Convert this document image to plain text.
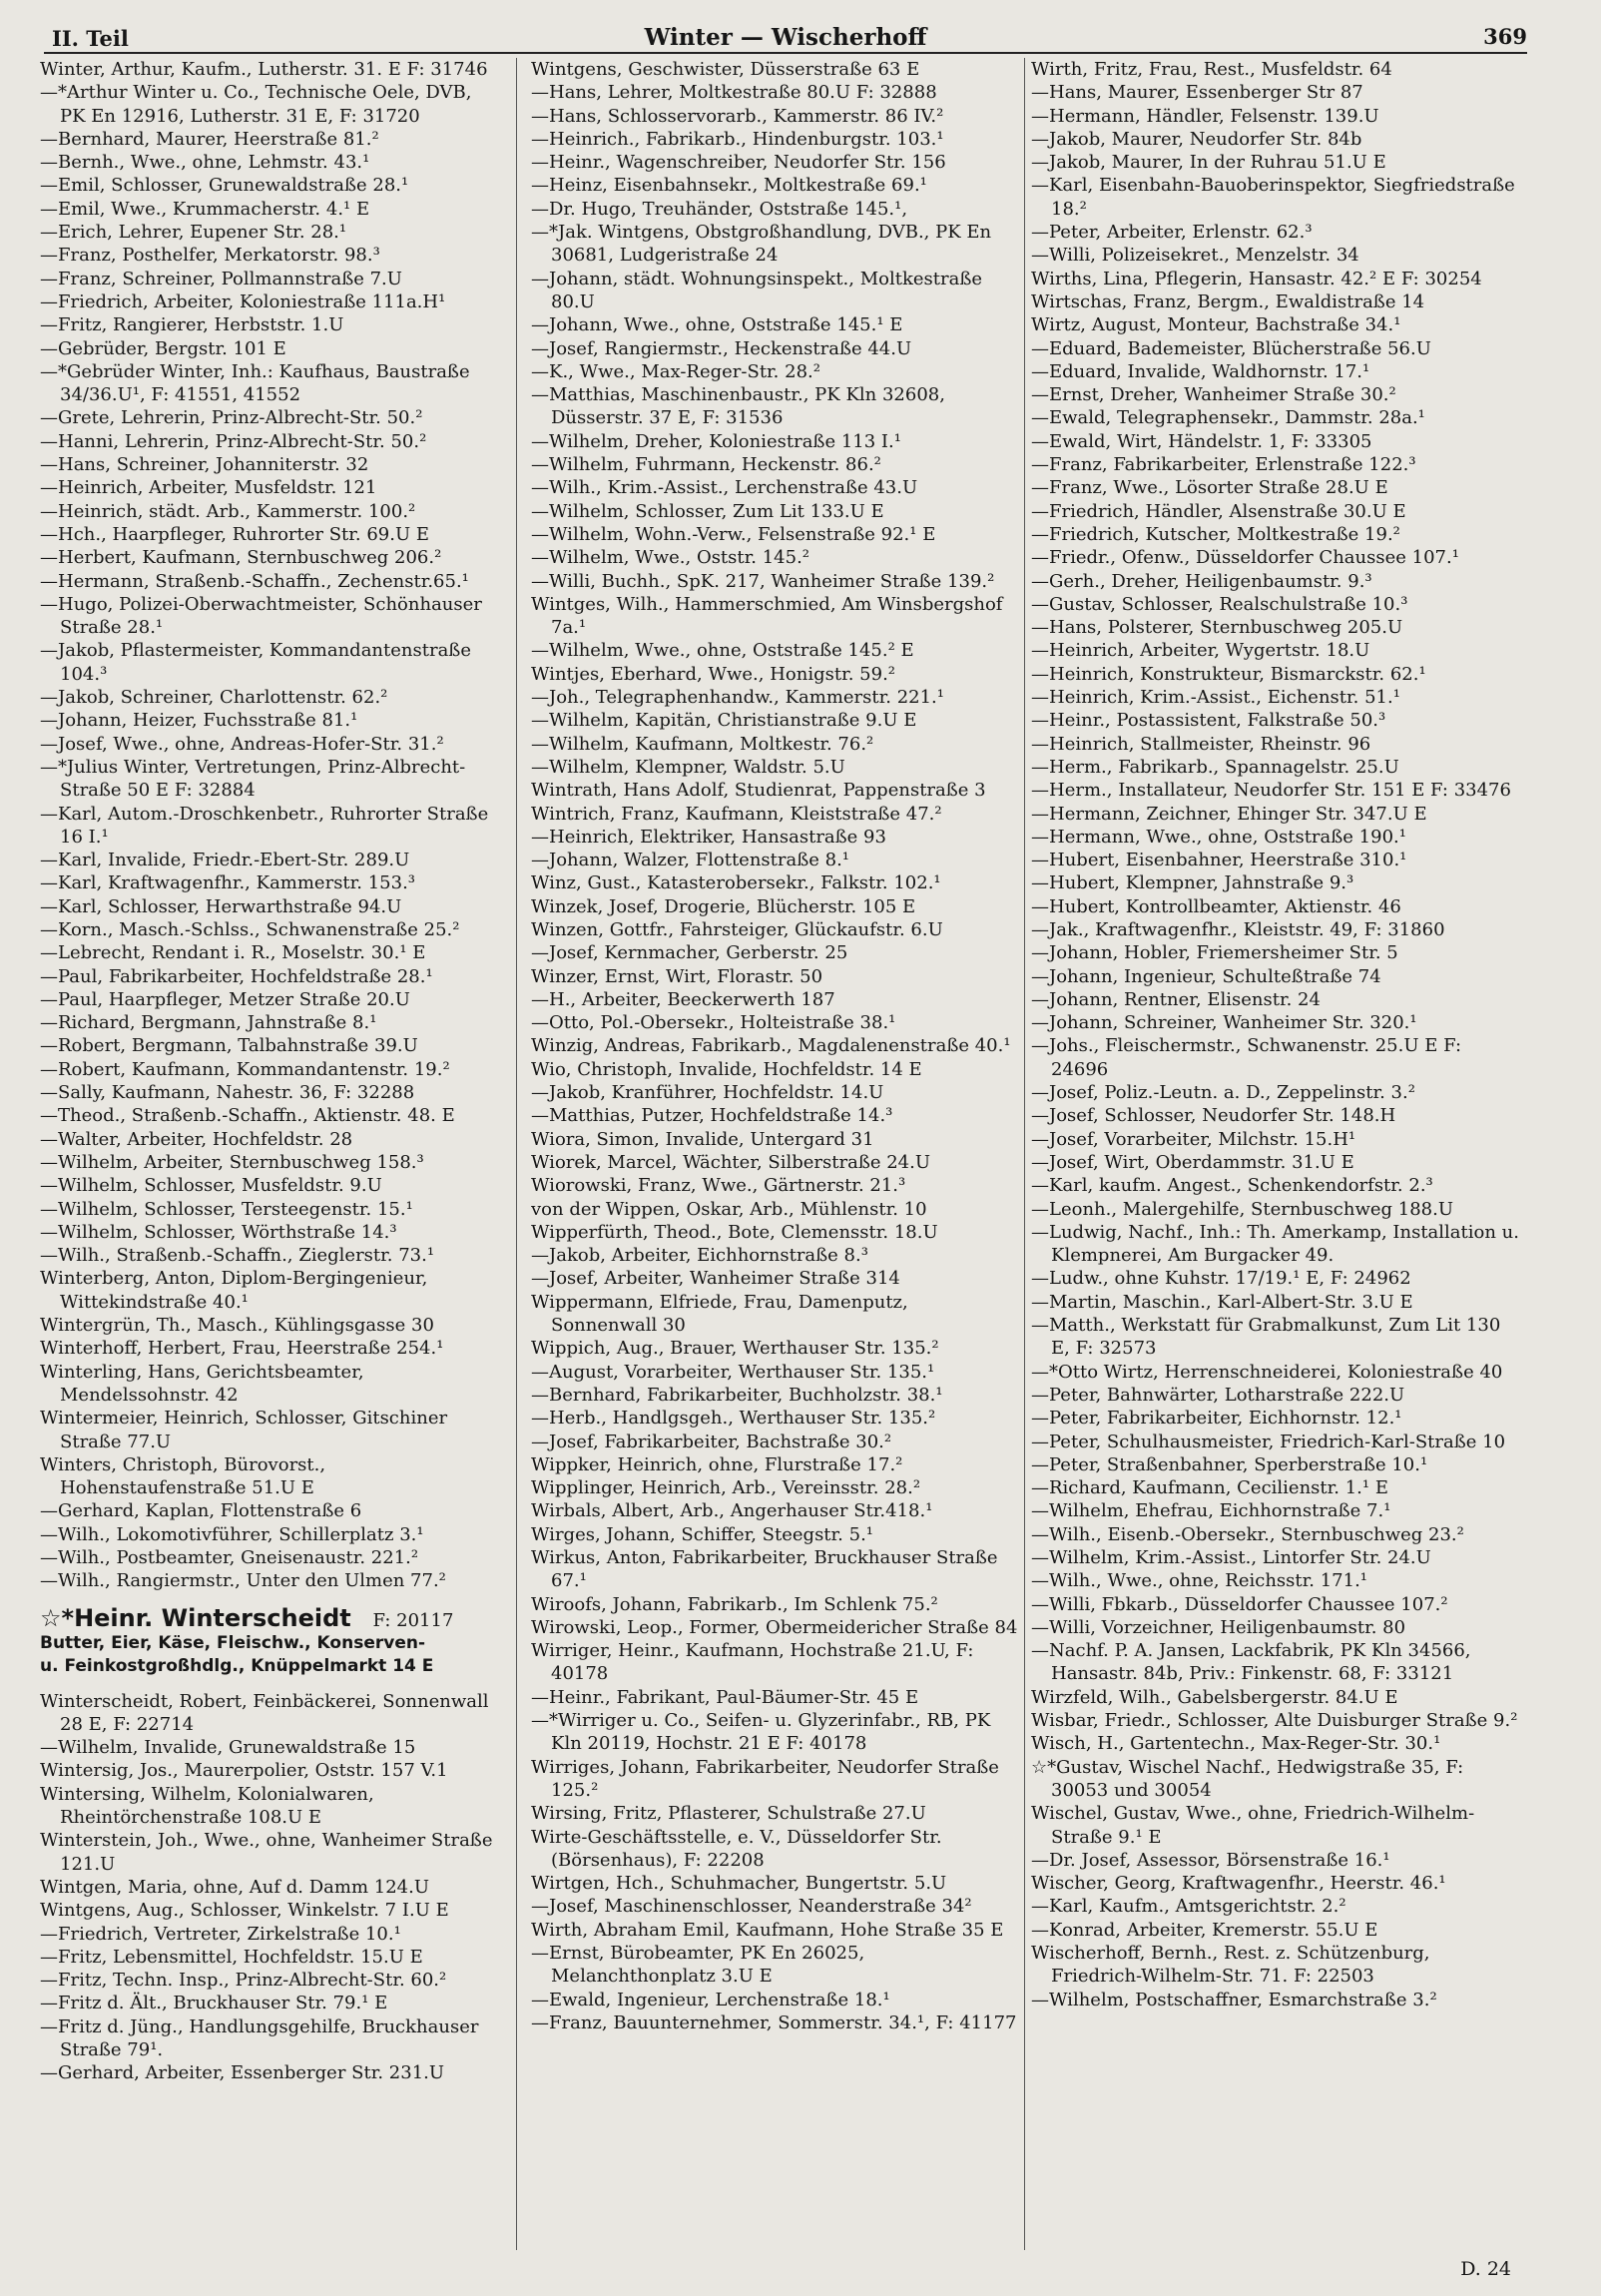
II. Teil	Winter — Wischerhoff	369
Winter, Arthur, Kaufm., Lutherstr. 31. E F: 31746
—*Arthur Winter u. Co., Technische Oele, DVB, PK En 12916, Lutherstr. 31 E, F: 31720
—Bernhard, Maurer, Heerstraße 81.²
—Bernh., Wwe., ohne, Lehmstr. 43.¹
—Emil, Schlosser, Grunewaldstraße 28.¹
—Emil, Wwe., Krummacherstr. 4.¹ E
—Erich, Lehrer, Eupener Str. 28.¹
—Franz, Posthelfer, Merkatorstr. 98.³
—Franz, Schreiner, Pollmannstraße 7.U
—Friedrich, Arbeiter, Koloniestraße 111a.H¹
—Fritz, Rangierer, Herbststr. 1.U
—Gebrüder, Bergstr. 101 E
—*Gebrüder Winter, Inh.: Kaufhaus, Baustraße 34/36.U¹, F: 41551, 41552
—Grete, Lehrerin, Prinz-Albrecht-Str. 50.²
—Hanni, Lehrerin, Prinz-Albrecht-Str. 50.²
—Hans, Schreiner, Johanniterstr. 32
—Heinrich, Arbeiter, Musfeldstr. 121
—Heinrich, städt. Arb., Kammerstr. 100.²
—Hch., Haarpfleger, Ruhrorter Str. 69.U E
—Herbert, Kaufmann, Sternbuschweg 206.²
—Hermann, Straßenb.-Schaffn., Zechenstr.65.¹
—Hugo, Polizei-Oberwachtmeister, Schönhauser Straße 28.¹
—Jakob, Pflastermeister, Kommandantenstraße 104.³
—Jakob, Schreiner, Charlottenstr. 62.²
—Johann, Heizer, Fuchsstraße 81.¹
—Josef, Wwe., ohne, Andreas-Hofer-Str. 31.²
—*Julius Winter, Vertretungen, Prinz-Albrecht-Straße 50 E F: 32884
—Karl, Autom.-Droschkenbetr., Ruhrorter Straße 16 I.¹
—Karl, Invalide, Friedr.-Ebert-Str. 289.U
—Karl, Kraftwagenfhr., Kammerstr. 153.³
—Karl, Schlosser, Herwarthstraße 94.U
—Korn., Masch.-Schlss., Schwanenstraße 25.²
—Lebrecht, Rendant i. R., Moselstr. 30.¹ E
—Paul, Fabrikarbeiter, Hochfeldstraße 28.¹
—Paul, Haarpfleger, Metzer Straße 20.U
—Richard, Bergmann, Jahnstraße 8.¹
—Robert, Bergmann, Talbahnstraße 39.U
—Robert, Kaufmann, Kommandantenstr. 19.²
—Sally, Kaufmann, Nahestr. 36, F: 32288
—Theod., Straßenb.-Schaffn., Aktienstr. 48. E
—Walter, Arbeiter, Hochfeldstr. 28
—Wilhelm, Arbeiter, Sternbuschweg 158.³
—Wilhelm, Schlosser, Musfeldstr. 9.U
—Wilhelm, Schlosser, Tersteegenstr. 15.¹
—Wilhelm, Schlosser, Wörthstraße 14.³
—Wilh., Straßenb.-Schaffn., Zieglerstr. 73.¹
Winterberg, Anton, Diplom-Bergingenieur, Wittekindstraße 40.¹
Wintergrün, Th., Masch., Kühlingsgasse 30
Winterhoff, Herbert, Frau, Heerstraße 254.¹
Winterling, Hans, Gerichtsbeamter, Mendelssohnstr. 42
Wintermeier, Heinrich, Schlosser, Gitschiner Straße 77.U
Winters, Christoph, Bürovorst., Hohenstaufenstraße 51.U E
—Gerhard, Kaplan, Flottenstraße 6
—Wilh., Lokomotivführer, Schillerplatz 3.¹
—Wilh., Postbeamter, Gneisenaustr. 221.²
—Wilh., Rangiermstr., Unter den Ulmen 77.²
☆*Heinr. Winterscheidt F: 20117
Butter, Eier, Käse, Fleischw., Konserven-
u. Feinkostgroßhdlg., Knüppelmarkt 14 E
Winterscheidt, Robert, Feinbäckerei, Sonnenwall 28 E, F: 22714
—Wilhelm, Invalide, Grunewaldstraße 15
Wintersig, Jos., Maurerpolier, Oststr. 157 V.1
Wintersing, Wilhelm, Kolonialwaren, Rheintörchenstraße 108.U E
Winterstein, Joh., Wwe., ohne, Wanheimer Straße 121.U
Wintgen, Maria, ohne, Auf d. Damm 124.U
Wintgens, Aug., Schlosser, Winkelstr. 7 I.U E
—Friedrich, Vertreter, Zirkelstraße 10.¹
—Fritz, Lebensmittel, Hochfeldstr. 15.U E
—Fritz, Techn. Insp., Prinz-Albrecht-Str. 60.²
—Fritz d. Ält., Bruckhauser Str. 79.¹ E
—Fritz d. Jüng., Handlungsgehilfe, Bruckhauser Straße 79¹.
—Gerhard, Arbeiter, Essenberger Str. 231.U
Wintgens, Geschwister, Düsserstraße 63 E
—Hans, Lehrer, Moltkestraße 80.U F: 32888
—Hans, Schlosservorarb., Kammerstr. 86 IV.²
—Heinrich., Fabrikarb., Hindenburgstr. 103.¹
—Heinr., Wagenschreiber, Neudorfer Str. 156
—Heinz, Eisenbahnsekr., Moltkestraße 69.¹
—Dr. Hugo, Treuhänder, Oststraße 145.¹,
—*Jak. Wintgens, Obstgroßhandlung, DVB., PK En 30681, Ludgeristraße 24
—Johann, städt. Wohnungsinspekt., Moltkestraße 80.U
—Johann, Wwe., ohne, Oststraße 145.¹ E
—Josef, Rangiermstr., Heckenstraße 44.U
—K., Wwe., Max-Reger-Str. 28.²
—Matthias, Maschinenbaustr., PK Kln 32608, Düsserstr. 37 E, F: 31536
—Wilhelm, Dreher, Koloniestraße 113 I.¹
—Wilhelm, Fuhrmann, Heckenstr. 86.²
—Wilh., Krim.-Assist., Lerchenstraße 43.U
—Wilhelm, Schlosser, Zum Lit 133.U E
—Wilhelm, Wohn.-Verw., Felsenstraße 92.¹ E
—Wilhelm, Wwe., Oststr. 145.²
—Willi, Buchh., SpK. 217, Wanheimer Straße 139.²
Wintges, Wilh., Hammerschmied, Am Winsbergshof 7a.¹
—Wilhelm, Wwe., ohne, Oststraße 145.² E
Wintjes, Eberhard, Wwe., Honigstr. 59.²
—Joh., Telegraphenhandw., Kammerstr. 221.¹
—Wilhelm, Kapitän, Christianstraße 9.U E
—Wilhelm, Kaufmann, Moltkestr. 76.²
—Wilhelm, Klempner, Waldstr. 5.U
Wintrath, Hans Adolf, Studienrat, Pappenstraße 3
Wintrich, Franz, Kaufmann, Kleiststraße 47.²
—Heinrich, Elektriker, Hansastraße 93
—Johann, Walzer, Flottenstraße 8.¹
Winz, Gust., Katasterobersekr., Falkstr. 102.¹
Winzek, Josef, Drogerie, Blücherstr. 105 E
Winzen, Gottfr., Fahrsteiger, Glückaufstr. 6.U
—Josef, Kernmacher, Gerberstr. 25
Winzer, Ernst, Wirt, Florastr. 50
—H., Arbeiter, Beeckerwerth 187
—Otto, Pol.-Obersekr., Holteistraße 38.¹
Winzig, Andreas, Fabrikarb., Magdalenenstraße 40.¹
Wio, Christoph, Invalide, Hochfeldstr. 14 E
—Jakob, Kranführer, Hochfeldstr. 14.U
—Matthias, Putzer, Hochfeldstraße 14.³
Wiora, Simon, Invalide, Untergard 31
Wiorek, Marcel, Wächter, Silberstraße 24.U
Wiorowski, Franz, Wwe., Gärtnerstr. 21.³
von der Wippen, Oskar, Arb., Mühlenstr. 10
Wipperfürth, Theod., Bote, Clemensstr. 18.U
—Jakob, Arbeiter, Eichhornstraße 8.³
—Josef, Arbeiter, Wanheimer Straße 314
Wippermann, Elfriede, Frau, Damenputz, Sonnenwall 30
Wippich, Aug., Brauer, Werthauser Str. 135.²
—August, Vorarbeiter, Werthauser Str. 135.¹
—Bernhard, Fabrikarbeiter, Buchholzstr. 38.¹
—Herb., Handlgsgeh., Werthauser Str. 135.²
—Josef, Fabrikarbeiter, Bachstraße 30.²
Wippker, Heinrich, ohne, Flurstraße 17.²
Wipplinger, Heinrich, Arb., Vereinsstr. 28.²
Wirbals, Albert, Arb., Angerhauser Str.418.¹
Wirges, Johann, Schiffer, Steegstr. 5.¹
Wirkus, Anton, Fabrikarbeiter, Bruckhauser Straße 67.¹
Wiroofs, Johann, Fabrikarb., Im Schlenk 75.²
Wirowski, Leop., Former, Obermeidericher Straße 84
Wirriger, Heinr., Kaufmann, Hochstraße 21.U, F: 40178
—Heinr., Fabrikant, Paul-Bäumer-Str. 45 E
—*Wirriger u. Co., Seifen- u. Glyzerinfabr., RB, PK Kln 20119, Hochstr. 21 E F: 40178
Wirriges, Johann, Fabrikarbeiter, Neudorfer Straße 125.²
Wirsing, Fritz, Pflasterer, Schulstraße 27.U
Wirte-Geschäftsstelle, e. V., Düsseldorfer Str. (Börsenhaus), F: 22208
Wirtgen, Hch., Schuhmacher, Bungertstr. 5.U
—Josef, Maschinenschlosser, Neanderstraße 34²
Wirth, Abraham Emil, Kaufmann, Hohe Straße 35 E
—Ernst, Bürobeamter, PK En 26025, Melanchthonplatz 3.U E
—Ewald, Ingenieur, Lerchenstraße 18.¹
—Franz, Bauunternehmer, Sommerstr. 34.¹, F: 41177
Wirth, Fritz, Frau, Rest., Musfeldstr. 64
—Hans, Maurer, Essenberger Str 87
—Hermann, Händler, Felsenstr. 139.U
—Jakob, Maurer, Neudorfer Str. 84b
—Jakob, Maurer, In der Ruhrau 51.U E
—Karl, Eisenbahn-Bauoberinspektor, Siegfriedstraße 18.²
—Peter, Arbeiter, Erlenstr. 62.³
—Willi, Polizeisekret., Menzelstr. 34
Wirths, Lina, Pflegerin, Hansastr. 42.² E F: 30254
Wirtschas, Franz, Bergm., Ewaldistraße 14
Wirtz, August, Monteur, Bachstraße 34.¹
—Eduard, Bademeister, Blücherstraße 56.U
—Eduard, Invalide, Waldhornstr. 17.¹
—Ernst, Dreher, Wanheimer Straße 30.²
—Ewald, Telegraphensekr., Dammstr. 28a.¹
—Ewald, Wirt, Händelstr. 1, F: 33305
—Franz, Fabrikarbeiter, Erlenstraße 122.³
—Franz, Wwe., Lösorter Straße 28.U E
—Friedrich, Händler, Alsenstraße 30.U E
—Friedrich, Kutscher, Moltkestraße 19.²
—Friedr., Ofenw., Düsseldorfer Chaussee 107.¹
—Gerh., Dreher, Heiligenbaumstr. 9.³
—Gustav, Schlosser, Realschulstraße 10.³
—Hans, Polsterer, Sternbuschweg 205.U
—Heinrich, Arbeiter, Wygertstr. 18.U
—Heinrich, Konstrukteur, Bismarckstr. 62.¹
—Heinrich, Krim.-Assist., Eichenstr. 51.¹
—Heinr., Postassistent, Falkstraße 50.³
—Heinrich, Stallmeister, Rheinstr. 96
—Herm., Fabrikarb., Spannagelstr. 25.U
—Herm., Installateur, Neudorfer Str. 151 E F: 33476
—Hermann, Zeichner, Ehinger Str. 347.U E
—Hermann, Wwe., ohne, Oststraße 190.¹
—Hubert, Eisenbahner, Heerstraße 310.¹
—Hubert, Klempner, Jahnstraße 9.³
—Hubert, Kontrollbeamter, Aktienstr. 46
—Jak., Kraftwagenfhr., Kleiststr. 49, F: 31860
—Johann, Hobler, Friemersheimer Str. 5
—Johann, Ingenieur, Schulteßtraße 74
—Johann, Rentner, Elisenstr. 24
—Johann, Schreiner, Wanheimer Str. 320.¹
—Johs., Fleischermstr., Schwanenstr. 25.U E F: 24696
—Josef, Poliz.-Leutn. a. D., Zeppelinstr. 3.²
—Josef, Schlosser, Neudorfer Str. 148.H
—Josef, Vorarbeiter, Milchstr. 15.H¹
—Josef, Wirt, Oberdammstr. 31.U E
—Karl, kaufm. Angest., Schenkendorfstr. 2.³
—Leonh., Malergehilfe, Sternbuschweg 188.U
—Ludwig, Nachf., Inh.: Th. Amerkamp, Installation u. Klempnerei, Am Burgacker 49.
—Ludw., ohne Kuhstr. 17/19.¹ E, F: 24962
—Martin, Maschin., Karl-Albert-Str. 3.U E
—Matth., Werkstatt für Grabmalkunst, Zum Lit 130 E, F: 32573
—*Otto Wirtz, Herrenschneiderei, Koloniestraße 40
—Peter, Bahnwärter, Lotharstraße 222.U
—Peter, Fabrikarbeiter, Eichhornstr. 12.¹
—Peter, Schulhausmeister, Friedrich-Karl-Straße 10
—Peter, Straßenbahner, Sperberstraße 10.¹
—Richard, Kaufmann, Cecilienstr. 1.¹ E
—Wilhelm, Ehefrau, Eichhornstraße 7.¹
—Wilh., Eisenb.-Obersekr., Sternbuschweg 23.²
—Wilhelm, Krim.-Assist., Lintorfer Str. 24.U
—Wilh., Wwe., ohne, Reichsstr. 171.¹
—Willi, Fbkarb., Düsseldorfer Chaussee 107.²
—Willi, Vorzeichner, Heiligenbaumstr. 80
—Nachf. P. A. Jansen, Lackfabrik, PK Kln 34566, Hansastr. 84b, Priv.: Finkenstr. 68, F: 33121
Wirzfeld, Wilh., Gabelsbergerstr. 84.U E
Wisbar, Friedr., Schlosser, Alte Duisburger Straße 9.²
Wisch, H., Gartentechn., Max-Reger-Str. 30.¹
☆*Gustav, Wischel Nachf., Hedwigstraße 35, F: 30053 und 30054
Wischel, Gustav, Wwe., ohne, Friedrich-Wilhelm-Straße 9.¹ E
—Dr. Josef, Assessor, Börsenstraße 16.¹
Wischer, Georg, Kraftwagenfhr., Heerstr. 46.¹
—Karl, Kaufm., Amtsgerichtstr. 2.²
—Konrad, Arbeiter, Kremerstr. 55.U E
Wischerhoff, Bernh., Rest. z. Schützenburg, Friedrich-Wilhelm-Str. 71. F: 22503
—Wilhelm, Postschaffner, Esmarchstraße 3.²
D. 24
